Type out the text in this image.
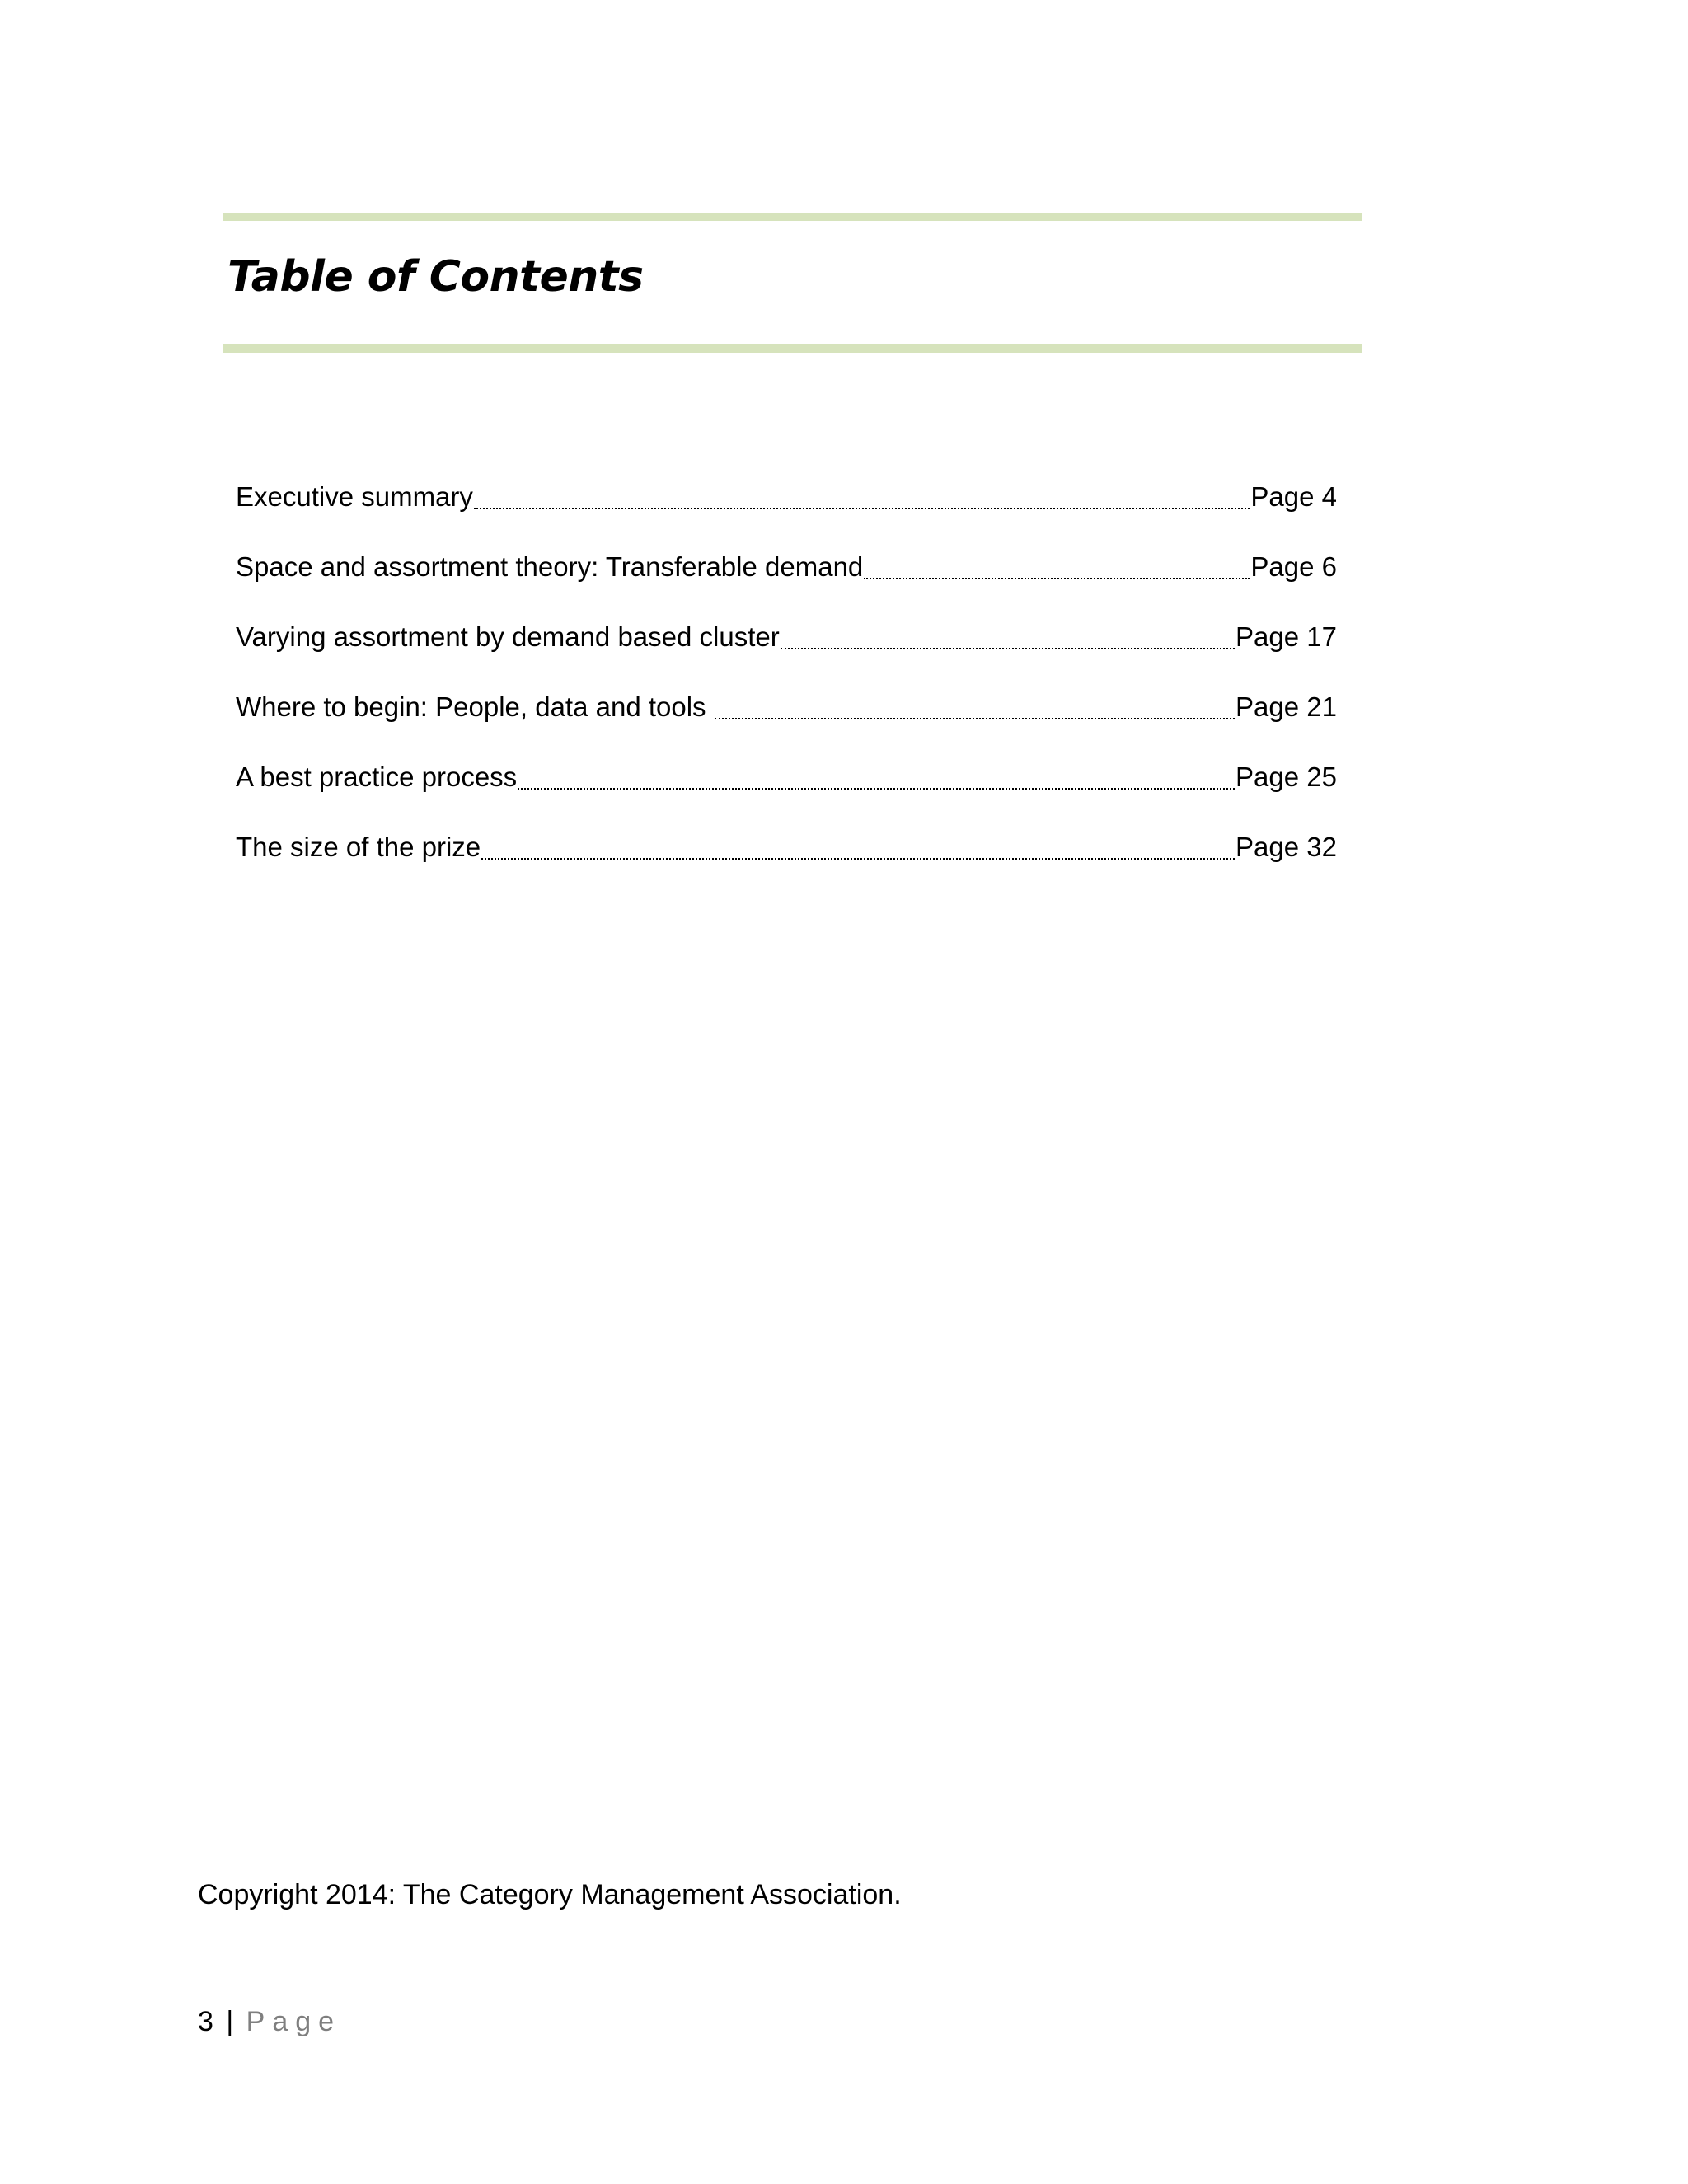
Table of Contents
Executive summary	Page 4
Space and assortment theory: Transferable demand	Page 6
Varying assortment by demand based cluster	Page 17
Where to begin: People, data and tools	Page 21
A best practice process	Page 25
The size of the prize	Page 32
Copyright 2014: The Category Management Association.
3 | Page
